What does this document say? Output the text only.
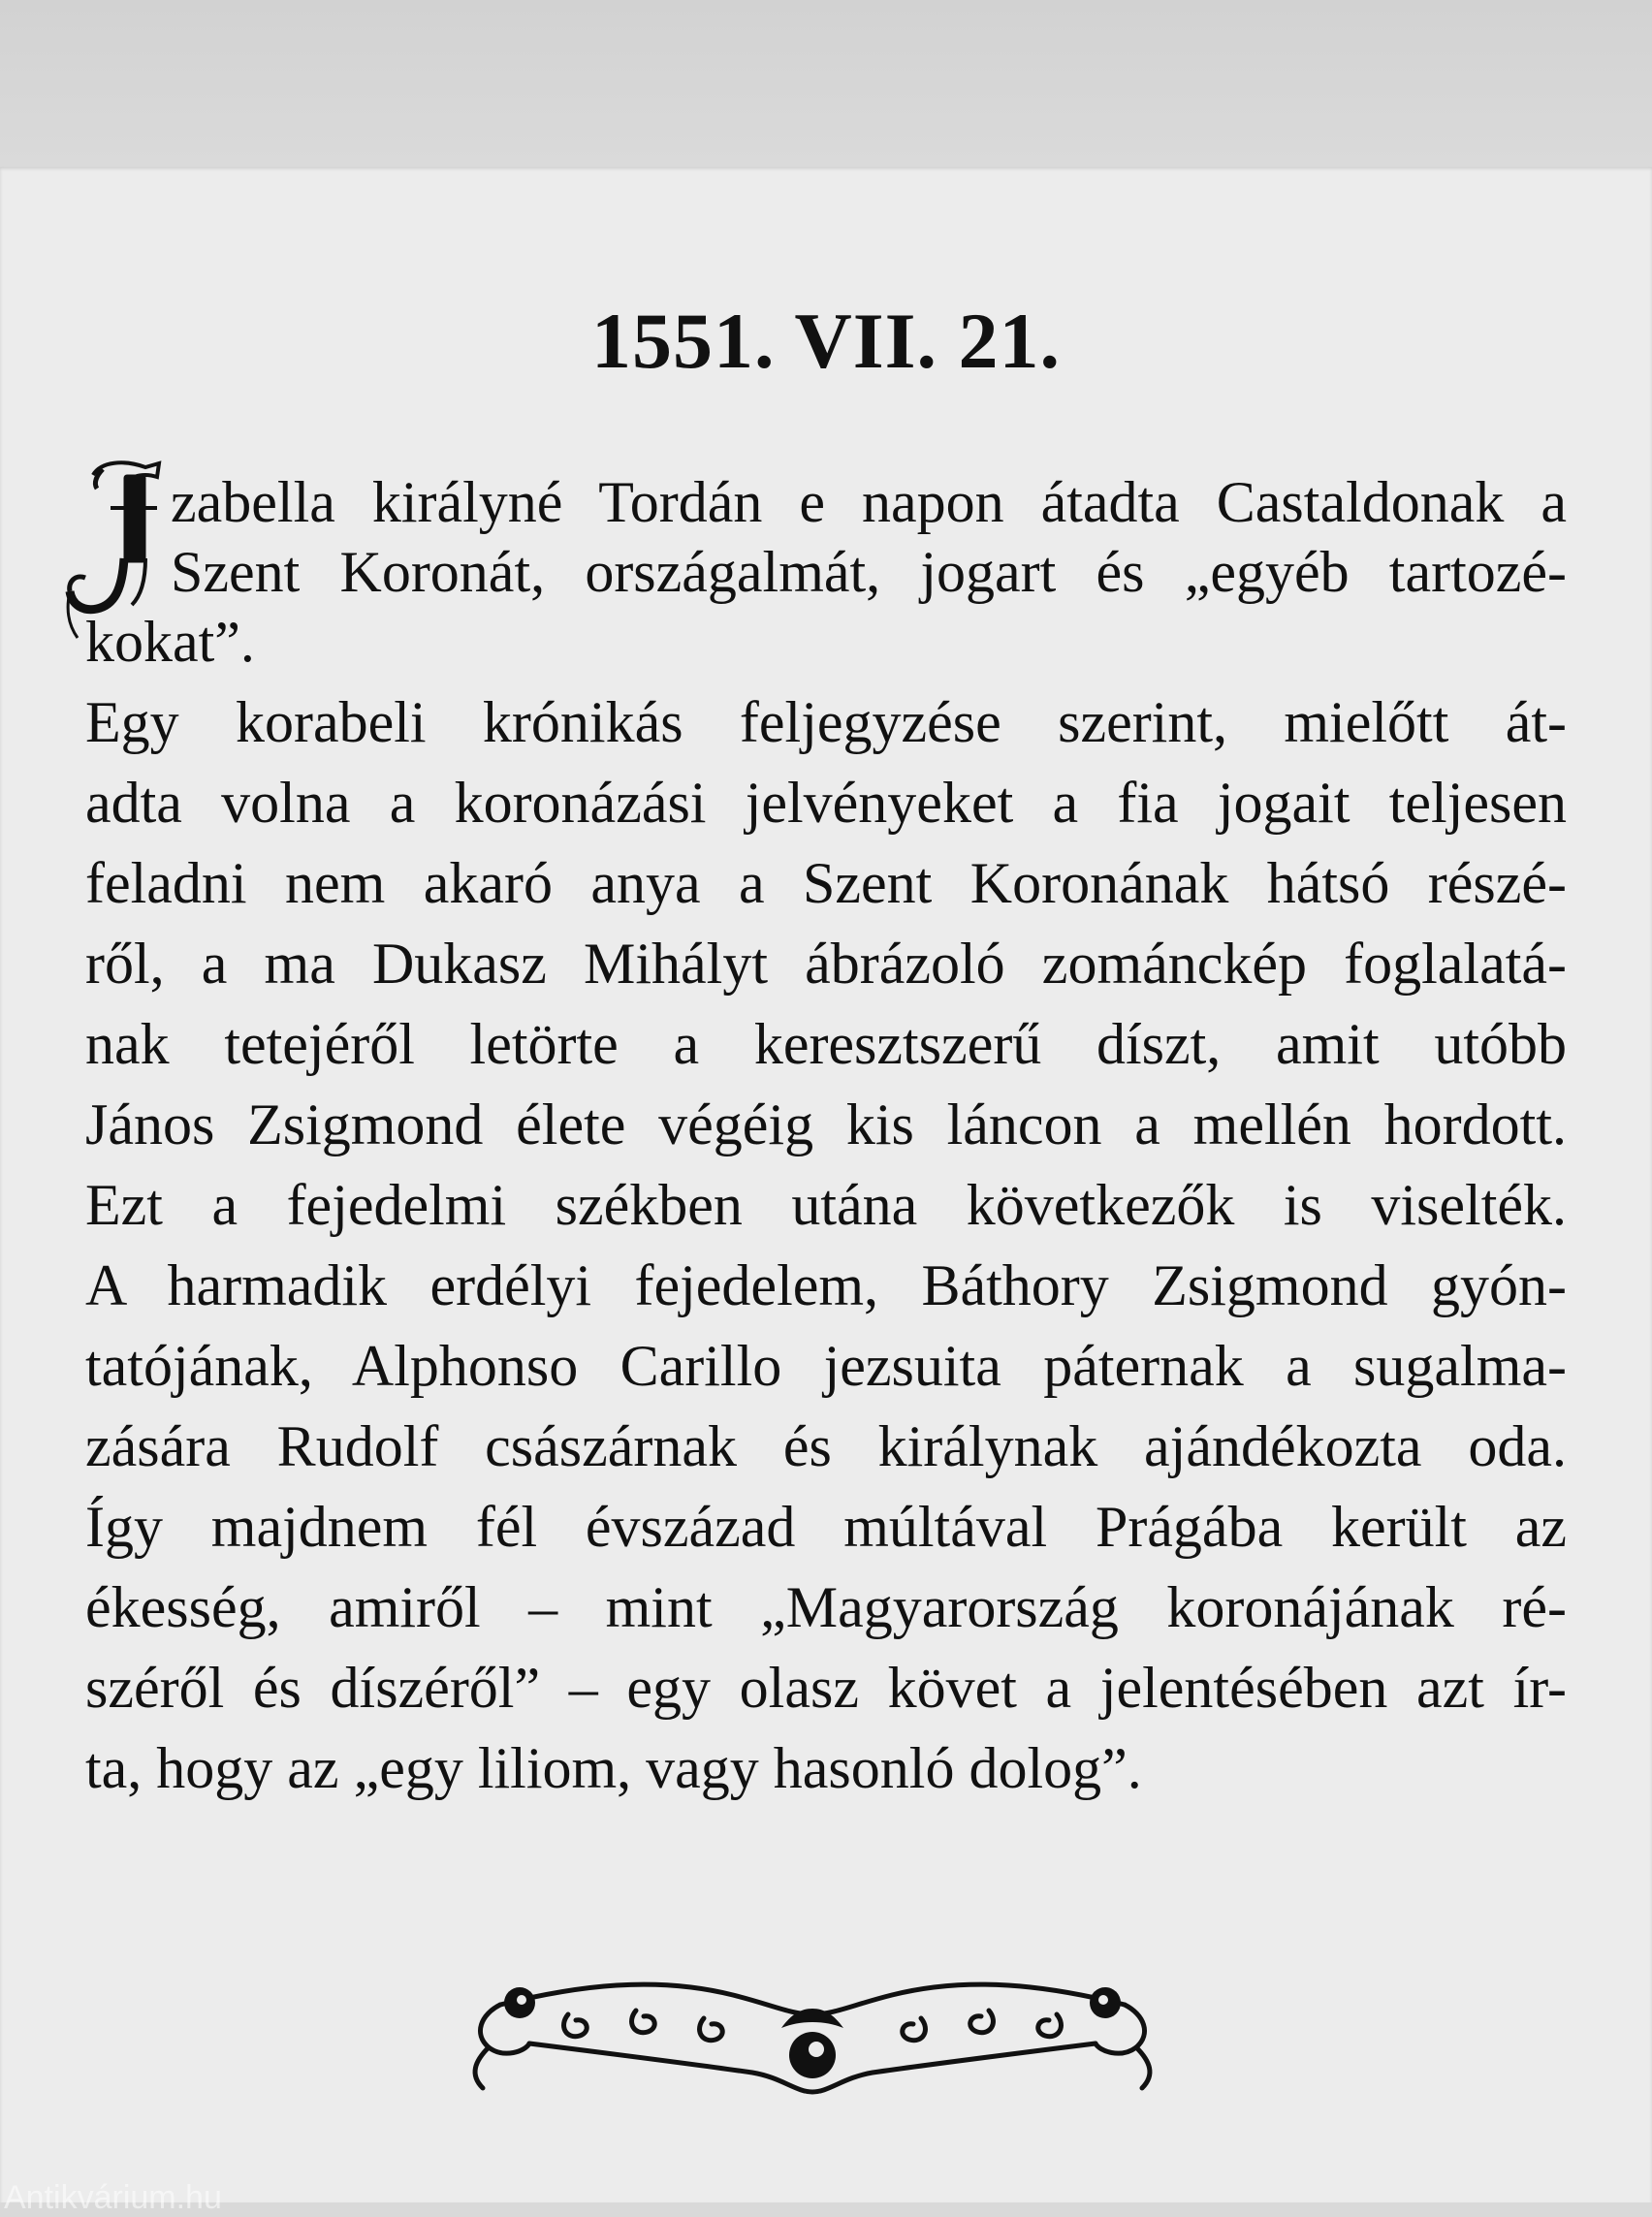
1551. VII. 21.
zabella királyné Tordán e napon átadta Castaldonak a
Szent Koronát, országalmát, jogart és „egyéb tartozé-
kokat”.
Egy korabeli krónikás feljegyzése szerint, mielőtt át-
adta volna a koronázási jelvényeket a fia jogait teljesen
feladni nem akaró anya a Szent Koronának hátsó részé-
ről, a ma Dukasz Mihályt ábrázoló zománckép foglalatá-
nak tetejéről letörte a keresztszerű díszt, amit utóbb
János Zsigmond élete végéig kis láncon a mellén hordott.
Ezt a fejedelmi székben utána következők is viselték.
A harmadik erdélyi fejedelem, Báthory Zsigmond gyón-
tatójának, Alphonso Carillo jezsuita páternak a sugalma-
zására Rudolf császárnak és királynak ajándékozta oda.
Így majdnem fél évszázad múltával Prágába került az
ékesség, amiről – mint „Magyarország koronájának ré-
széről és díszéről” – egy olasz követ a jelentésében azt ír-
ta, hogy az „egy liliom, vagy hasonló dolog”.
Antikvárium.hu
